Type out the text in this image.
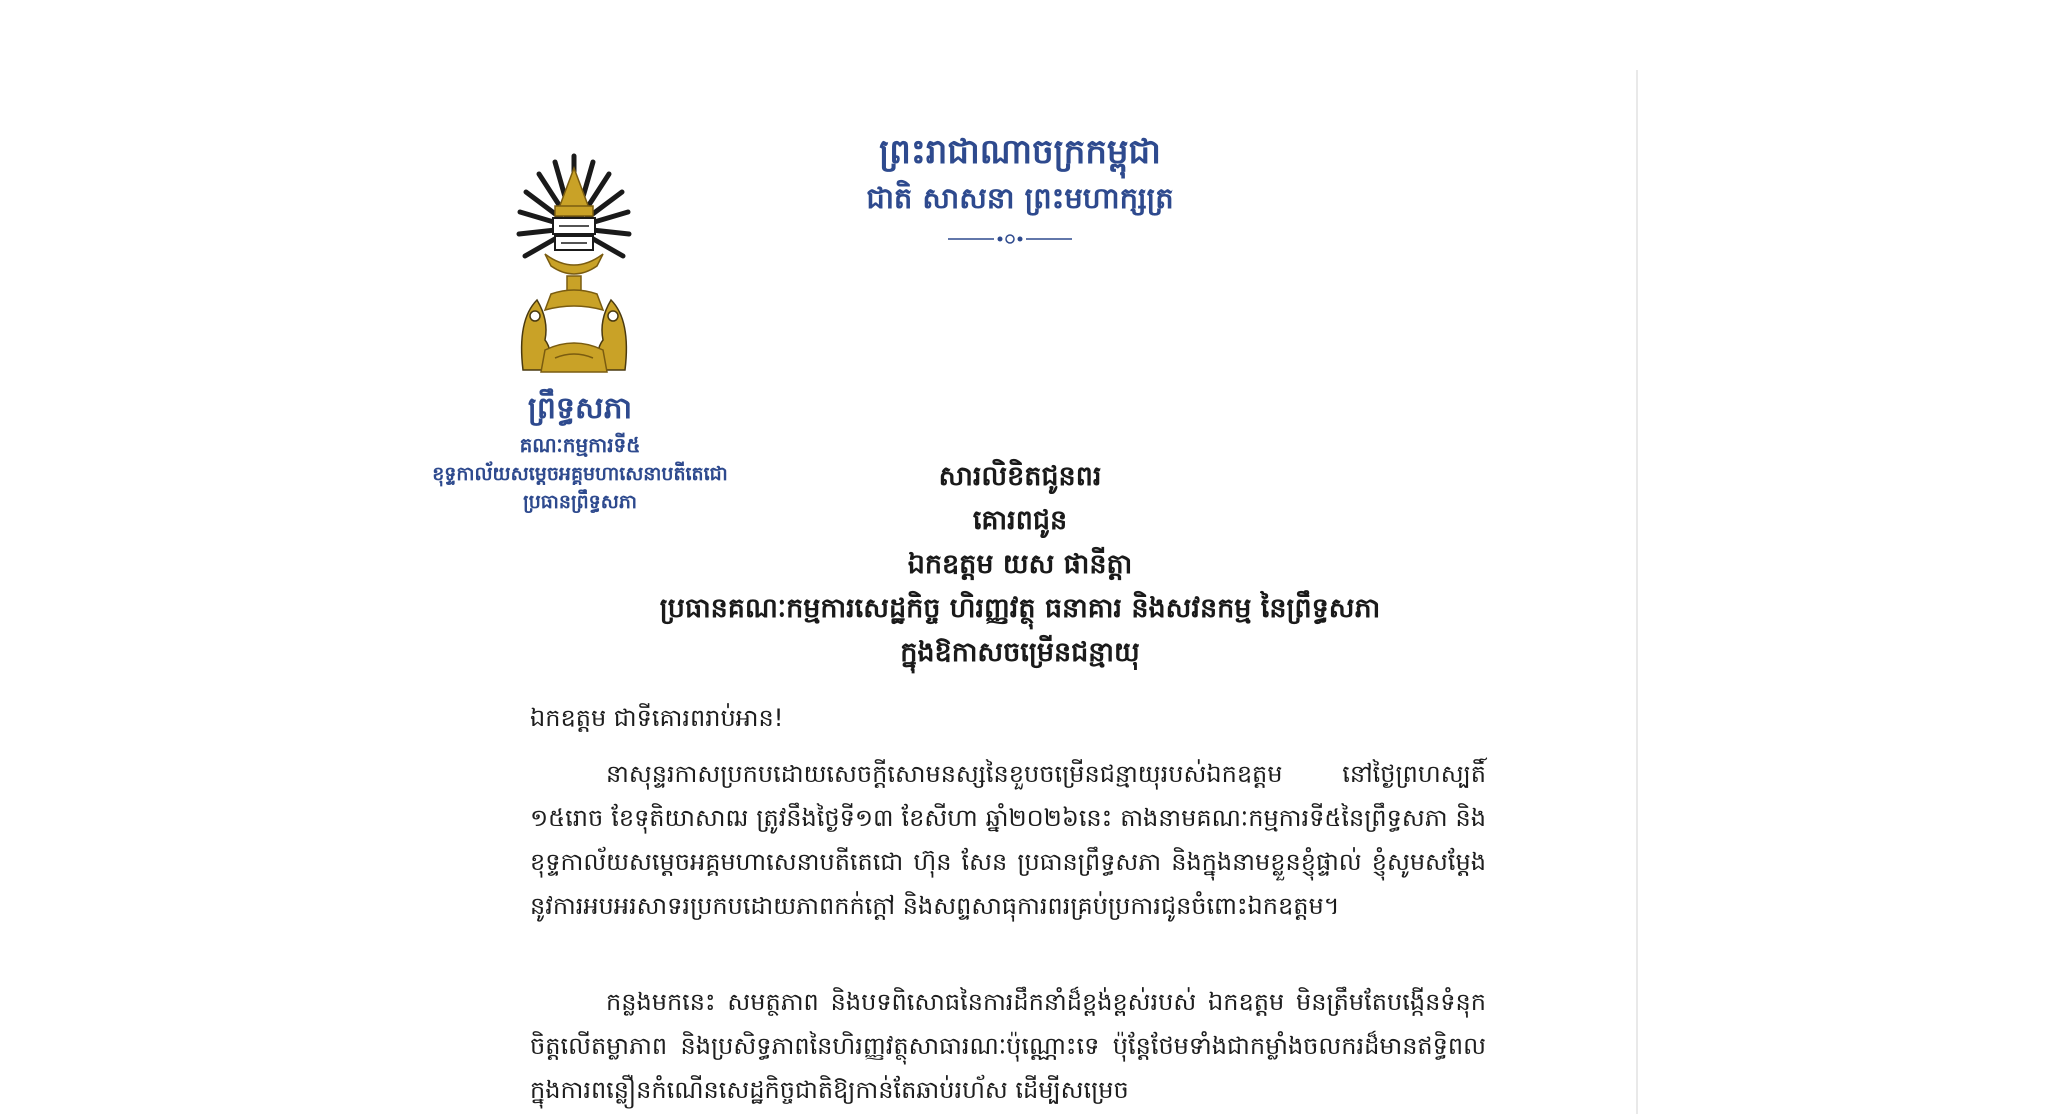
ព្រះរាជាណាចក្រកម្ពុជា
ជាតិ សាសនា ព្រះមហាក្សត្រ
ព្រឹទ្ធសភា
គណៈកម្មការទី៥
ខុទ្ទកាល័យសម្តេចអគ្គមហាសេនាបតីតេជោ
ប្រធានព្រឹទ្ធសភា
សារលិខិតជូនពរ
គោរពជូន
ឯកឧត្តម យស ផានីត្តា
ប្រធានគណៈកម្មការសេដ្ឋកិច្ច ហិរញ្ញវត្ថុ ធនាគារ និងសវនកម្ម នៃព្រឹទ្ធសភា
ក្នុងឱកាសចម្រើនជន្មាយុ
ឯកឧត្តម ជាទីគោរពរាប់អាន!
នាសុន្ទរកាសប្រកបដោយសេចក្តីសោមនស្សនៃខួបចម្រើនជន្មាយុរបស់ឯកឧត្តម នៅថ្ងៃព្រហស្បតិ៍ ១៥រោច ខែទុតិយាសាឍ ត្រូវនឹងថ្ងៃទី១៣ ខែសីហា ឆ្នាំ២០២៦នេះ តាងនាមគណៈកម្មការទី៥នៃព្រឹទ្ធសភា និងខុទ្ទកាល័យសម្តេចអគ្គមហាសេនាបតីតេជោ ហ៊ុន សែន ប្រធានព្រឹទ្ធសភា និងក្នុងនាមខ្លួនខ្ញុំផ្ទាល់ ខ្ញុំសូមសម្តែងនូវការអបអរសាទរប្រកបដោយភាពកក់ក្តៅ និងសព្ទសាធុការពរគ្រប់ប្រការជូនចំពោះឯកឧត្តម។
កន្លងមកនេះ សមត្ថភាព និងបទពិសោធនៃការដឹកនាំដ៏ខ្ពង់ខ្ពស់របស់ ឯកឧត្តម មិនត្រឹមតែបង្កើនទំនុកចិត្តលើតម្លាភាព និងប្រសិទ្ធភាពនៃហិរញ្ញវត្ថុសាធារណៈប៉ុណ្ណោះទេ ប៉ុន្តែថែមទាំងជាកម្លាំងចលករដ៏មានឥទ្ធិពល ក្នុងការពន្លឿនកំណើនសេដ្ឋកិច្ចជាតិឱ្យកាន់តែឆាប់រហ័ស ដើម្បីសម្រេច
